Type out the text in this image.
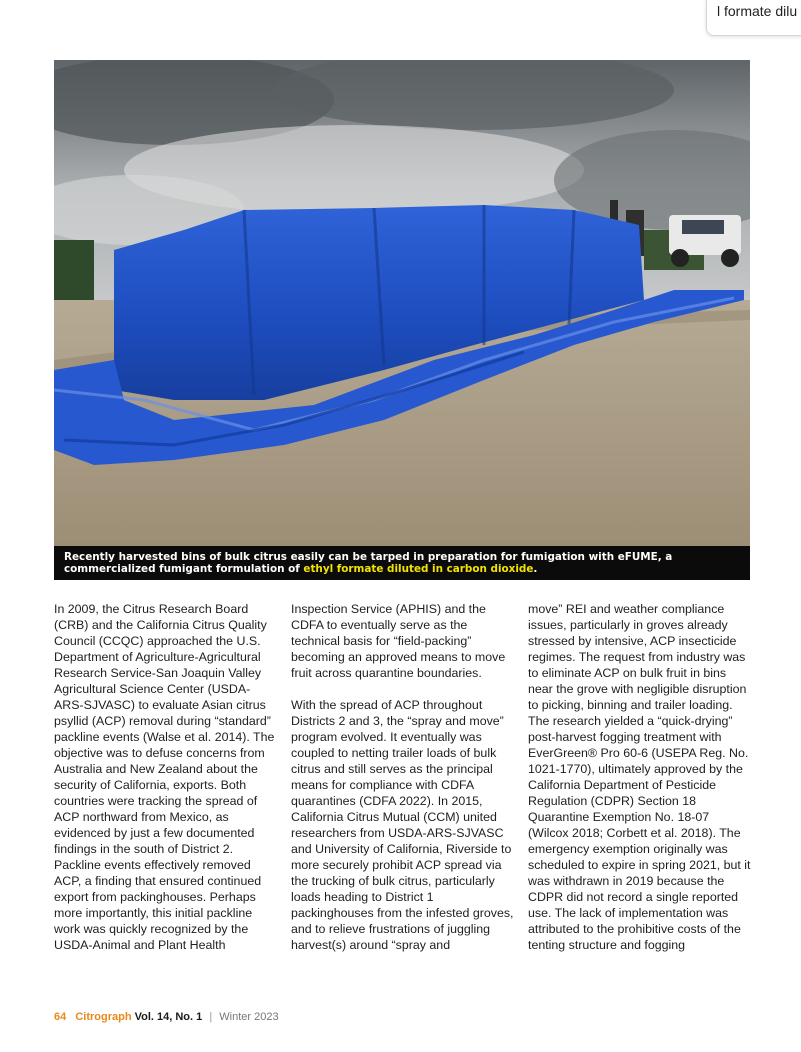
l formate dilu
Recently harvested bins of bulk citrus easily can be tarped in preparation for fumigation with eFUME, a commercialized fumigant formulation of ethyl formate diluted in carbon dioxide.

In 2009, the Citrus Research Board (CRB) and the California Citrus Quality Council (CCQC) approached the U.S. Department of Agriculture-Agricultural Research Service-San Joaquin Valley Agricultural Science Center (USDA-ARS-SJVASC) to evaluate Asian citrus psyllid (ACP) removal during “standard” packline events (Walse et al. 2014). The objective was to defuse concerns from Australia and New Zealand about the security of California, exports. Both countries were tracking the spread of ACP northward from Mexico, as evidenced by just a few documented findings in the south of District 2. Packline events effectively removed ACP, a finding that ensured continued export from packinghouses. Perhaps more importantly, this initial packline work was quickly recognized by the USDA-Animal and Plant Health

Inspection Service (APHIS) and the CDFA to eventually serve as the technical basis for “field-packing” becoming an approved means to move fruit across quarantine boundaries.

With the spread of ACP throughout Districts 2 and 3, the “spray and move” program evolved. It eventually was coupled to netting trailer loads of bulk citrus and still serves as the principal means for compliance with CDFA quarantines (CDFA 2022). In 2015, California Citrus Mutual (CCM) united researchers from USDA-ARS-SJVASC and University of California, Riverside to more securely prohibit ACP spread via the trucking of bulk citrus, particularly loads heading to District 1 packinghouses from the infested groves, and to relieve frustrations of juggling harvest(s) around “spray and

move” REI and weather compliance issues, particularly in groves already stressed by intensive, ACP insecticide regimes. The request from industry was to eliminate ACP on bulk fruit in bins near the grove with negligible disruption to picking, binning and trailer loading. The research yielded a “quick-drying” post-harvest fogging treatment with EverGreen® Pro 60-6 (USEPA Reg. No. 1021-1770), ultimately approved by the California Department of Pesticide Regulation (CDPR) Section 18 Quarantine Exemption No. 18-07 (Wilcox 2018; Corbett et al. 2018). The emergency exemption originally was scheduled to expire in spring 2021, but it was withdrawn in 2019 because the CDPR did not record a single reported use. The lack of implementation was attributed to the prohibitive costs of the tenting structure and fogging

64 Citrograph Vol. 14, No. 1 | Winter 2023
